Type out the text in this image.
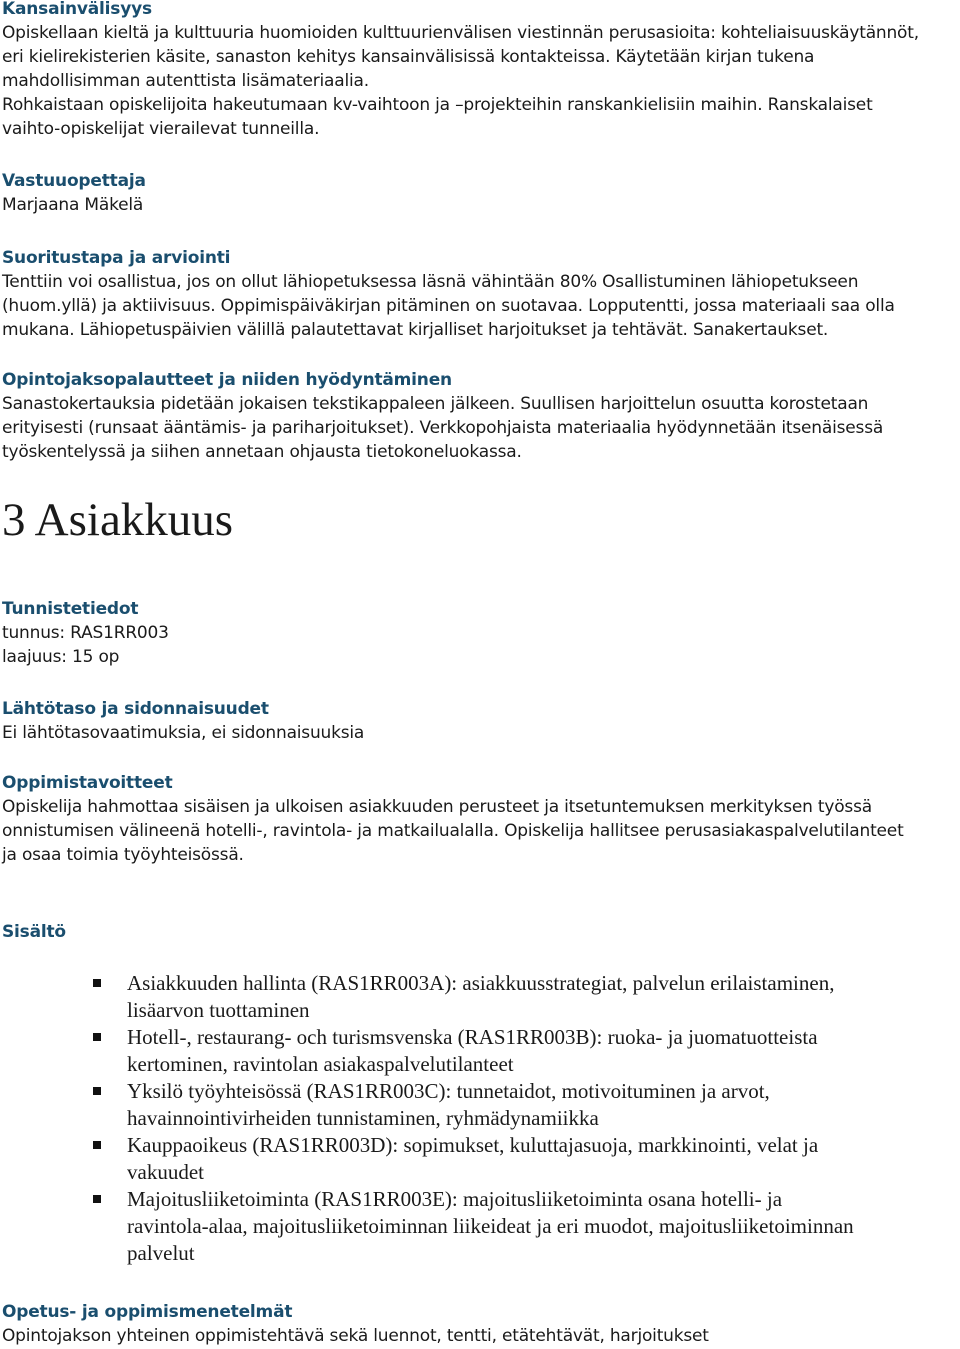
Kansainvälisyys

Opiskellaan kieltä ja kulttuuria huomioiden kulttuurienvälisen viestinnän perusasioita: kohteliaisuuskäytännöt,

eri kielirekisterien käsite, sanaston kehitys kansainvälisissä kontakteissa. Käytetään kirjan tukena

mahdollisimman autenttista lisämateriaalia.

Rohkaistaan opiskelijoita hakeutumaan kv-vaihtoon ja –projekteihin ranskankielisiin maihin. Ranskalaiset

vaihto-opiskelijat vierailevat tunneilla.

Vastuuopettaja

Marjaana Mäkelä

Suoritustapa ja arviointi

Tenttiin voi osallistua, jos on ollut lähiopetuksessa läsnä vähintään 80% Osallistuminen lähiopetukseen

(huom.yllä) ja aktiivisuus. Oppimispäiväkirjan pitäminen on suotavaa. Lopputentti, jossa materiaali saa olla

mukana. Lähiopetuspäivien välillä palautettavat kirjalliset harjoitukset ja tehtävät. Sanakertaukset.

Opintojaksopalautteet ja niiden hyödyntäminen

Sanastokertauksia pidetään jokaisen tekstikappaleen jälkeen. Suullisen harjoittelun osuutta korostetaan

erityisesti (runsaat ääntämis- ja pariharjoitukset). Verkkopohjaista materiaalia hyödynnetään itsenäisessä

työskentelyssä ja siihen annetaan ohjausta tietokoneluokassa.

3 Asiakkuus
Tunnistetiedot

tunnus: RAS1RR003

laajuus: 15 op

Lähtötaso ja sidonnaisuudet

Ei lähtötasovaatimuksia, ei sidonnaisuuksia

Oppimistavoitteet

Opiskelija hahmottaa sisäisen ja ulkoisen asiakkuuden perusteet ja itsetuntemuksen merkityksen työssä

onnistumisen välineenä hotelli-, ravintola- ja matkailualalla. Opiskelija hallitsee perusasiakaspalvelutilanteet

ja osaa toimia työyhteisössä.

Sisältö
Asiakkuuden hallinta (RAS1RR003A): asiakkuusstrategiat, palvelun erilaistaminen,
lisäarvon tuottaminen
Hotell-, restaurang- och turismsvenska (RAS1RR003B): ruoka- ja juomatuotteista
kertominen, ravintolan asiakaspalvelutilanteet
Yksilö työyhteisössä (RAS1RR003C): tunnetaidot, motivoituminen ja arvot,
havainnointivirheiden tunnistaminen, ryhmädynamiikka
Kauppaoikeus (RAS1RR003D): sopimukset, kuluttajasuoja, markkinointi, velat ja
vakuudet
Majoitusliiketoiminta (RAS1RR003E): majoitusliiketoiminta osana hotelli- ja
ravintola-alaa, majoitusliiketoiminnan liikeideat ja eri muodot, majoitusliiketoiminnan
palvelut
Opetus- ja oppimismenetelmät

Opintojakson yhteinen oppimistehtävä sekä luennot, tentti, etätehtävät, harjoitukset
